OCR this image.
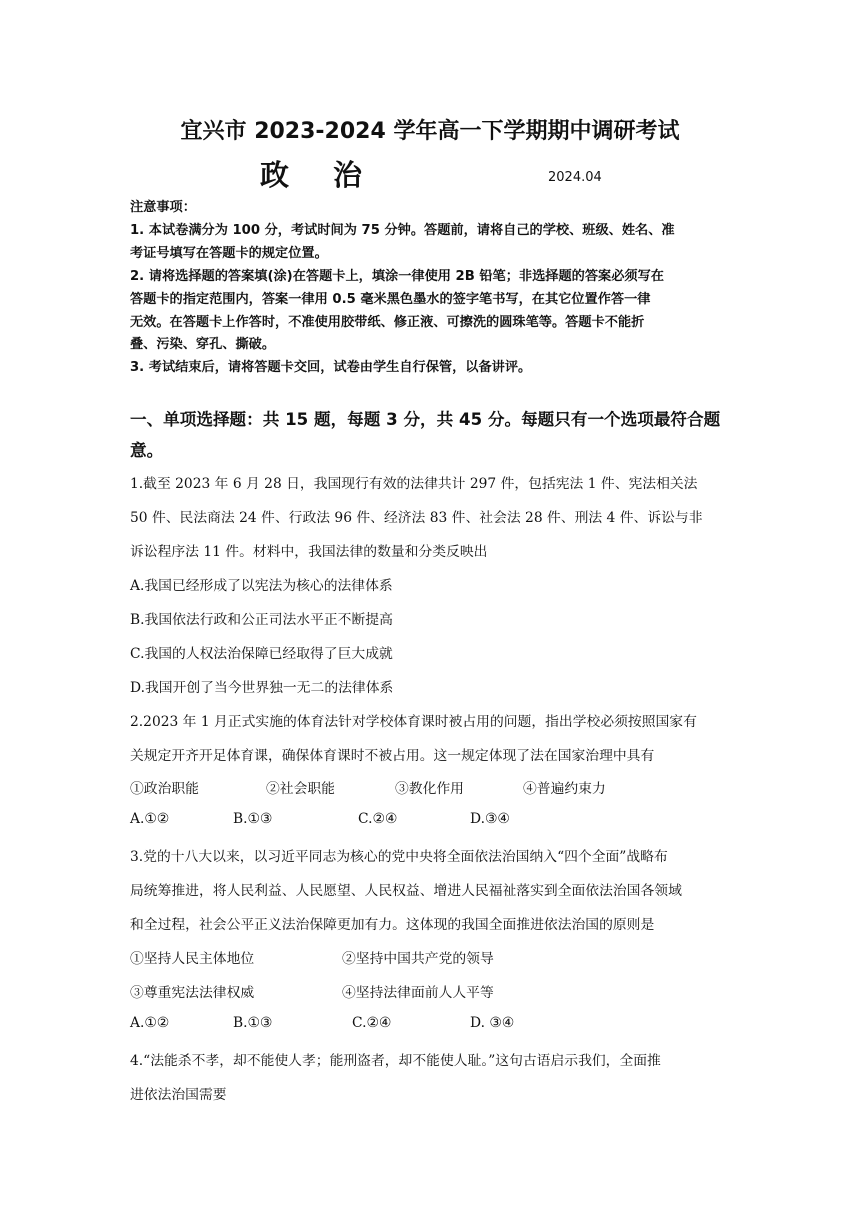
宜兴市 2023-2024 学年高一下学期期中调研考试
政治	2024.04
注意事项：
1. 本试卷满分为 100 分，考试时间为 75 分钟。答题前，请将自己的学校、班级、姓名、准
考证号填写在答题卡的规定位置。
2. 请将选择题的答案填(涂)在答题卡上，填涂一律使用 2B 铅笔；非选择题的答案必须写在
答题卡的指定范围内，答案一律用 0.5 毫米黑色墨水的签字笔书写，在其它位置作答一律
无效。在答题卡上作答时，不准使用胶带纸、修正液、可擦洗的圆珠笔等。答题卡不能折
叠、污染、穿孔、撕破。
3. 考试结束后，请将答题卡交回，试卷由学生自行保管，以备讲评。
一、单项选择题：共 15 题，每题 3 分，共 45 分。每题只有一个选项最符合题
意。
1.截至 2023 年 6 月 28 日，我国现行有效的法律共计 297 件，包括宪法 1 件、宪法相关法
50 件、民法商法 24 件、行政法 96 件、经济法 83 件、社会法 28 件、刑法 4 件、诉讼与非
诉讼程序法 11 件。材料中，我国法律的数量和分类反映出
A.我国已经形成了以宪法为核心的法律体系
B.我国依法行政和公正司法水平正不断提高
C.我国的人权法治保障已经取得了巨大成就
D.我国开创了当今世界独一无二的法律体系
2.2023 年 1 月正式实施的体育法针对学校体育课时被占用的问题，指出学校必须按照国家有
关规定开齐开足体育课，确保体育课时不被占用。这一规定体现了法在国家治理中具有
①政治职能	②社会职能	③教化作用	④普遍约束力
A.①②	B.①③	C.②④	D.③④
3.党的十八大以来，以习近平同志为核心的党中央将全面依法治国纳入“四个全面”战略布
局统筹推进，将人民利益、人民愿望、人民权益、增进人民福祉落实到全面依法治国各领域
和全过程，社会公平正义法治保障更加有力。这体现的我国全面推进依法治国的原则是
①坚持人民主体地位	②坚持中国共产党的领导
③尊重宪法法律权威	④坚持法律面前人人平等
A.①②	B.①③	C.②④	D. ③④
4.“法能杀不孝，却不能使人孝；能刑盗者，却不能使人耻。”这句古语启示我们，全面推
进依法治国需要
